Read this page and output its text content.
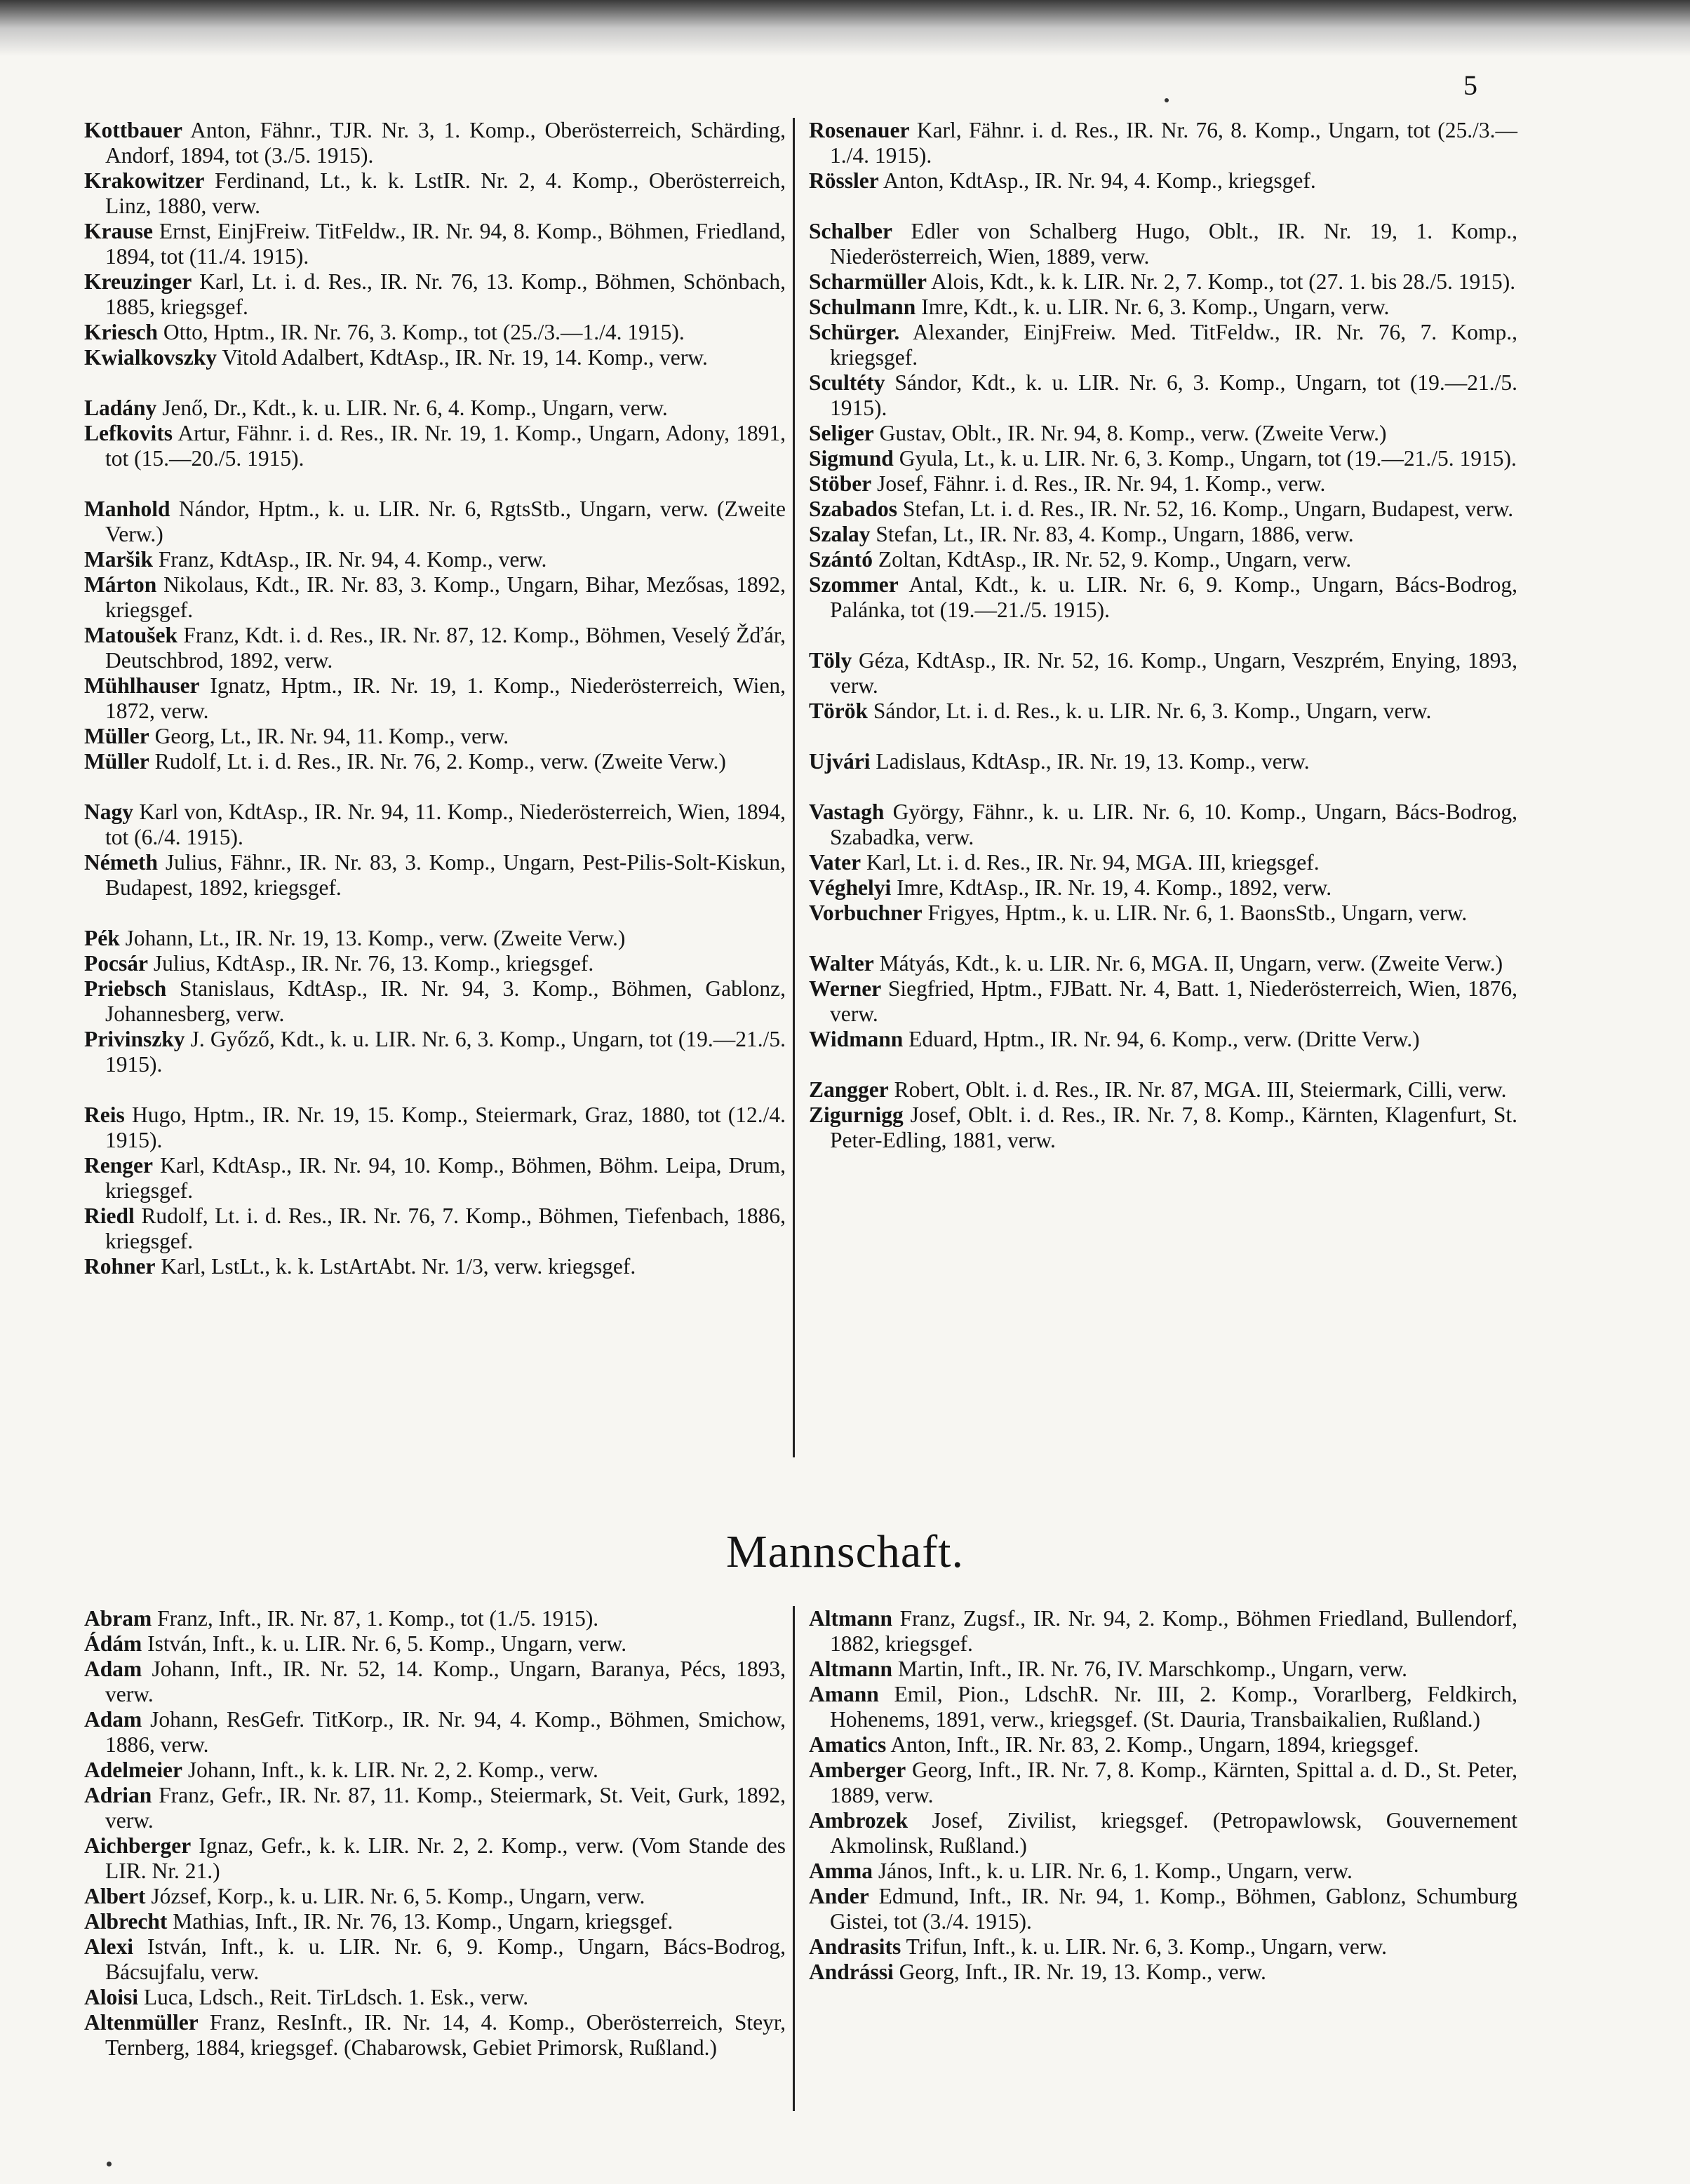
5

Kottbauer Anton, Fähnr., TJR. Nr. 3, 1. Komp., Oberösterreich, Schärding, Andorf, 1894, tot (3./5. 1915).

Krakowitzer Ferdinand, Lt., k. k. LstIR. Nr. 2, 4. Komp., Oberösterreich, Linz, 1880, verw.

Krause Ernst, EinjFreiw. TitFeldw., IR. Nr. 94, 8. Komp., Böhmen, Friedland, 1894, tot (11./4. 1915).

Kreuzinger Karl, Lt. i. d. Res., IR. Nr. 76, 13. Komp., Böhmen, Schönbach, 1885, kriegsgef.

Kriesch Otto, Hptm., IR. Nr. 76, 3. Komp., tot (25./3.—1./4. 1915).

Kwialkovszky Vitold Adalbert, KdtAsp., IR. Nr. 19, 14. Komp., verw.

Ladány Jenő, Dr., Kdt., k. u. LIR. Nr. 6, 4. Komp., Ungarn, verw.

Lefkovits Artur, Fähnr. i. d. Res., IR. Nr. 19, 1. Komp., Ungarn, Adony, 1891, tot (15.—20./5. 1915).

Manhold Nándor, Hptm., k. u. LIR. Nr. 6, RgtsStb., Ungarn, verw. (Zweite Verw.)

Maršik Franz, KdtAsp., IR. Nr. 94, 4. Komp., verw.

Márton Nikolaus, Kdt., IR. Nr. 83, 3. Komp., Ungarn, Bihar, Mezősas, 1892, kriegsgef.

Matoušek Franz, Kdt. i. d. Res., IR. Nr. 87, 12. Komp., Böhmen, Veselý Žďár, Deutschbrod, 1892, verw.

Mühlhauser Ignatz, Hptm., IR. Nr. 19, 1. Komp., Niederösterreich, Wien, 1872, verw.

Müller Georg, Lt., IR. Nr. 94, 11. Komp., verw.

Müller Rudolf, Lt. i. d. Res., IR. Nr. 76, 2. Komp., verw. (Zweite Verw.)

Nagy Karl von, KdtAsp., IR. Nr. 94, 11. Komp., Niederösterreich, Wien, 1894, tot (6./4. 1915).

Németh Julius, Fähnr., IR. Nr. 83, 3. Komp., Ungarn, Pest-Pilis-Solt-Kiskun, Budapest, 1892, kriegsgef.

Pék Johann, Lt., IR. Nr. 19, 13. Komp., verw. (Zweite Verw.)

Pocsár Julius, KdtAsp., IR. Nr. 76, 13. Komp., kriegsgef.

Priebsch Stanislaus, KdtAsp., IR. Nr. 94, 3. Komp., Böhmen, Gablonz, Johannesberg, verw.

Privinszky J. Győző, Kdt., k. u. LIR. Nr. 6, 3. Komp., Ungarn, tot (19.—21./5. 1915).

Reis Hugo, Hptm., IR. Nr. 19, 15. Komp., Steiermark, Graz, 1880, tot (12./4. 1915).

Renger Karl, KdtAsp., IR. Nr. 94, 10. Komp., Böhmen, Böhm. Leipa, Drum, kriegsgef.

Riedl Rudolf, Lt. i. d. Res., IR. Nr. 76, 7. Komp., Böhmen, Tiefenbach, 1886, kriegsgef.

Rohner Karl, LstLt., k. k. LstArtAbt. Nr. 1/3, verw. kriegsgef.

Rosenauer Karl, Fähnr. i. d. Res., IR. Nr. 76, 8. Komp., Ungarn, tot (25./3.—1./4. 1915).

Rössler Anton, KdtAsp., IR. Nr. 94, 4. Komp., kriegsgef.

Schalber Edler von Schalberg Hugo, Oblt., IR. Nr. 19, 1. Komp., Niederösterreich, Wien, 1889, verw.

Scharmüller Alois, Kdt., k. k. LIR. Nr. 2, 7. Komp., tot (27. 1. bis 28./5. 1915).

Schulmann Imre, Kdt., k. u. LIR. Nr. 6, 3. Komp., Ungarn, verw.

Schürger. Alexander, EinjFreiw. Med. TitFeldw., IR. Nr. 76, 7. Komp., kriegsgef.

Scultéty Sándor, Kdt., k. u. LIR. Nr. 6, 3. Komp., Ungarn, tot (19.—21./5. 1915).

Seliger Gustav, Oblt., IR. Nr. 94, 8. Komp., verw. (Zweite Verw.)

Sigmund Gyula, Lt., k. u. LIR. Nr. 6, 3. Komp., Ungarn, tot (19.—21./5. 1915).

Stöber Josef, Fähnr. i. d. Res., IR. Nr. 94, 1. Komp., verw.

Szabados Stefan, Lt. i. d. Res., IR. Nr. 52, 16. Komp., Ungarn, Budapest, verw.

Szalay Stefan, Lt., IR. Nr. 83, 4. Komp., Ungarn, 1886, verw.

Szántó Zoltan, KdtAsp., IR. Nr. 52, 9. Komp., Ungarn, verw.

Szommer Antal, Kdt., k. u. LIR. Nr. 6, 9. Komp., Ungarn, Bács-Bodrog, Palánka, tot (19.—21./5. 1915).

Töly Géza, KdtAsp., IR. Nr. 52, 16. Komp., Ungarn, Veszprém, Enying, 1893, verw.

Török Sándor, Lt. i. d. Res., k. u. LIR. Nr. 6, 3. Komp., Ungarn, verw.

Ujvári Ladislaus, KdtAsp., IR. Nr. 19, 13. Komp., verw.

Vastagh György, Fähnr., k. u. LIR. Nr. 6, 10. Komp., Ungarn, Bács-Bodrog, Szabadka, verw.

Vater Karl, Lt. i. d. Res., IR. Nr. 94, MGA. III, kriegsgef.

Véghelyi Imre, KdtAsp., IR. Nr. 19, 4. Komp., 1892, verw.

Vorbuchner Frigyes, Hptm., k. u. LIR. Nr. 6, 1. BaonsStb., Ungarn, verw.

Walter Mátyás, Kdt., k. u. LIR. Nr. 6, MGA. II, Ungarn, verw. (Zweite Verw.)

Werner Siegfried, Hptm., FJBatt. Nr. 4, Batt. 1, Niederösterreich, Wien, 1876, verw.

Widmann Eduard, Hptm., IR. Nr. 94, 6. Komp., verw. (Dritte Verw.)

Zangger Robert, Oblt. i. d. Res., IR. Nr. 87, MGA. III, Steiermark, Cilli, verw.

Zigurnigg Josef, Oblt. i. d. Res., IR. Nr. 7, 8. Komp., Kärnten, Klagenfurt, St. Peter-Edling, 1881, verw.

Mannschaft.

Abram Franz, Inft., IR. Nr. 87, 1. Komp., tot (1./5. 1915).

Ádám István, Inft., k. u. LIR. Nr. 6, 5. Komp., Ungarn, verw.

Adam Johann, Inft., IR. Nr. 52, 14. Komp., Ungarn, Baranya, Pécs, 1893, verw.

Adam Johann, ResGefr. TitKorp., IR. Nr. 94, 4. Komp., Böhmen, Smichow, 1886, verw.

Adelmeier Johann, Inft., k. k. LIR. Nr. 2, 2. Komp., verw.

Adrian Franz, Gefr., IR. Nr. 87, 11. Komp., Steiermark, St. Veit, Gurk, 1892, verw.

Aichberger Ignaz, Gefr., k. k. LIR. Nr. 2, 2. Komp., verw. (Vom Stande des LIR. Nr. 21.)

Albert József, Korp., k. u. LIR. Nr. 6, 5. Komp., Ungarn, verw.

Albrecht Mathias, Inft., IR. Nr. 76, 13. Komp., Ungarn, kriegsgef.

Alexi István, Inft., k. u. LIR. Nr. 6, 9. Komp., Ungarn, Bács-Bodrog, Bácsujfalu, verw.

Aloisi Luca, Ldsch., Reit. TirLdsch. 1. Esk., verw.

Altenmüller Franz, ResInft., IR. Nr. 14, 4. Komp., Oberösterreich, Steyr, Ternberg, 1884, kriegsgef. (Chabarowsk, Gebiet Primorsk, Rußland.)

Altmann Franz, Zugsf., IR. Nr. 94, 2. Komp., Böhmen Friedland, Bullendorf, 1882, kriegsgef.

Altmann Martin, Inft., IR. Nr. 76, IV. Marschkomp., Ungarn, verw.

Amann Emil, Pion., LdschR. Nr. III, 2. Komp., Vorarlberg, Feldkirch, Hohenems, 1891, verw., kriegsgef. (St. Dauria, Transbaikalien, Rußland.)

Amatics Anton, Inft., IR. Nr. 83, 2. Komp., Ungarn, 1894, kriegsgef.

Amberger Georg, Inft., IR. Nr. 7, 8. Komp., Kärnten, Spittal a. d. D., St. Peter, 1889, verw.

Ambrozek Josef, Zivilist, kriegsgef. (Petropawlowsk, Gouvernement Akmolinsk, Rußland.)

Amma János, Inft., k. u. LIR. Nr. 6, 1. Komp., Ungarn, verw.

Ander Edmund, Inft., IR. Nr. 94, 1. Komp., Böhmen, Gablonz, Schumburg Gistei, tot (3./4. 1915).

Andrasits Trifun, Inft., k. u. LIR. Nr. 6, 3. Komp., Ungarn, verw.

Andrássi Georg, Inft., IR. Nr. 19, 13. Komp., verw.
